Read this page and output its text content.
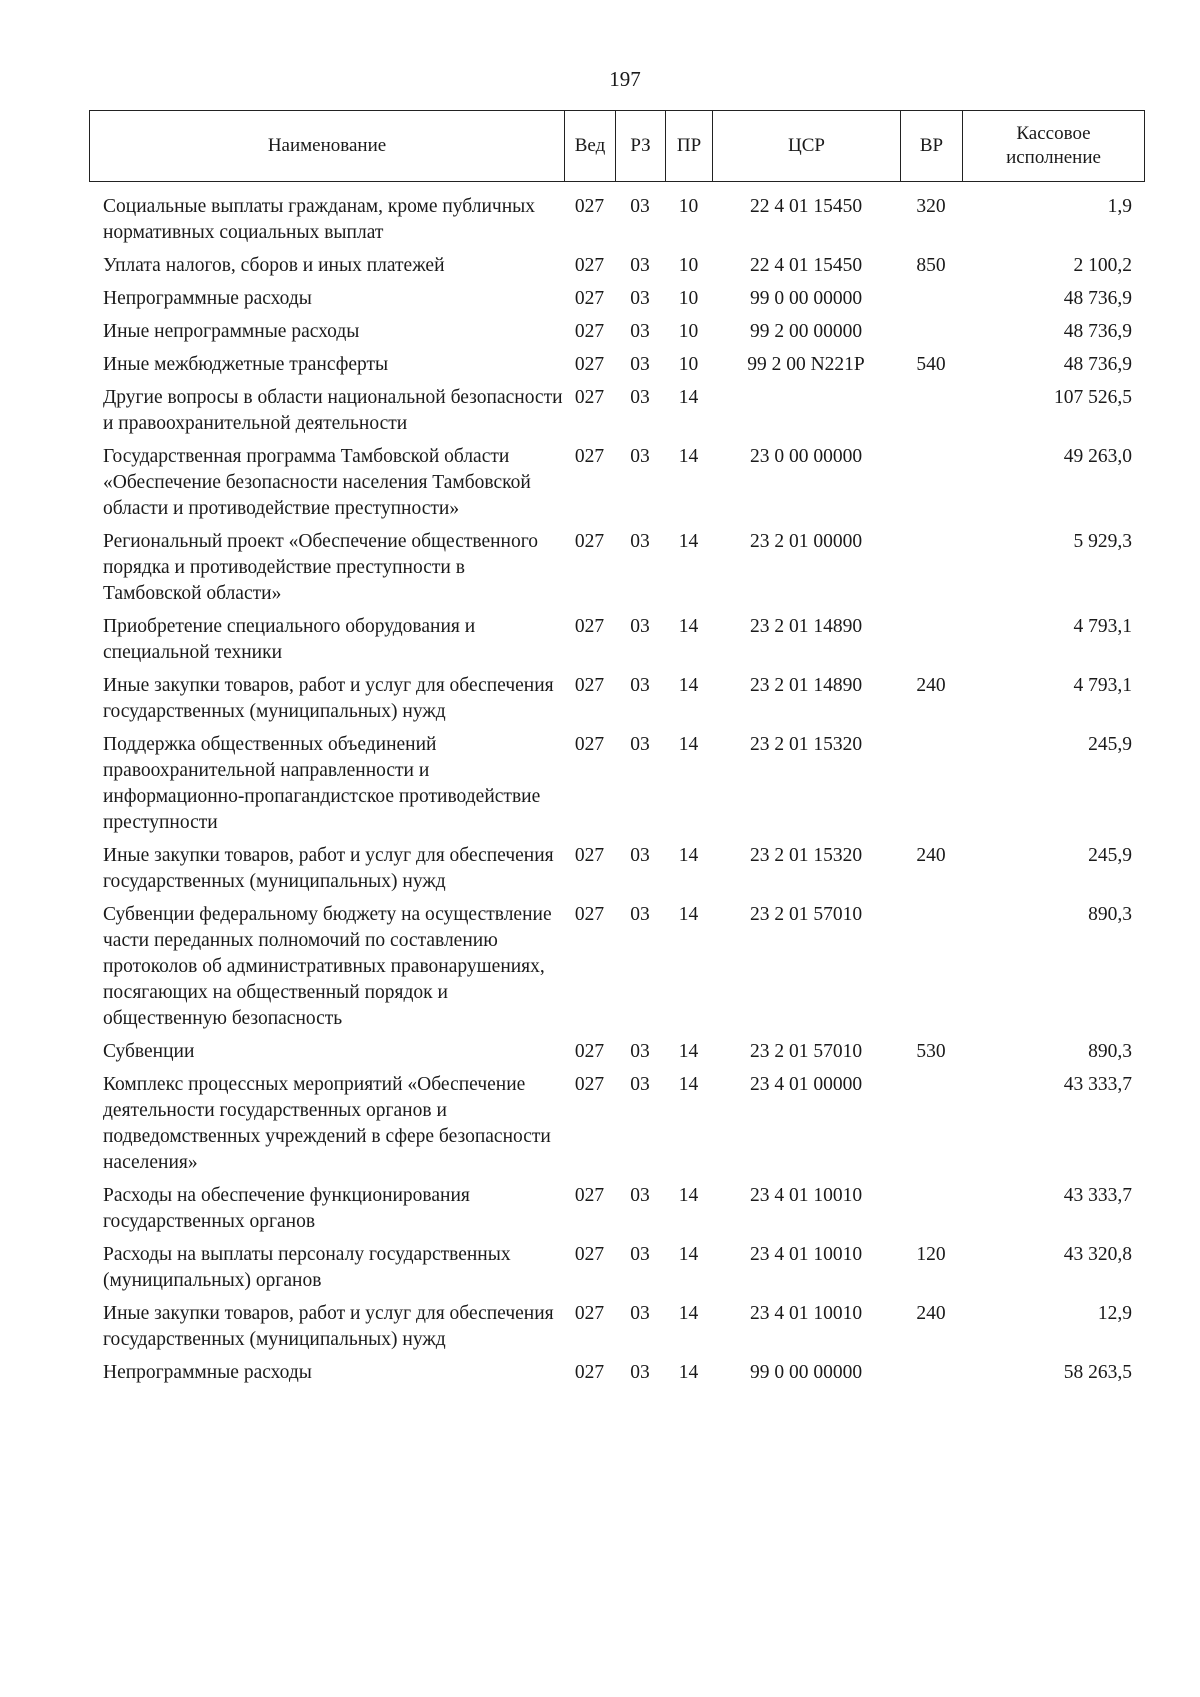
197
Наименование	Вед	РЗ	ПР	ЦСР	ВР	Кассовое исполнение
Социальные выплаты гражданам, кроме публичных нормативных социальных выплат	027	03	10	22 4 01 15450	320	1,9
Уплата налогов, сборов и иных платежей	027	03	10	22 4 01 15450	850	2 100,2
Непрограммные расходы	027	03	10	99 0 00 00000		48 736,9
Иные непрограммные расходы	027	03	10	99 2 00 00000		48 736,9
Иные межбюджетные трансферты	027	03	10	99 2 00 N221P	540	48 736,9
Другие вопросы в области национальной безопасности и правоохранительной деятельности	027	03	14			107 526,5
Государственная программа Тамбовской области «Обеспечение безопасности населения Тамбовской области и противодействие преступности»	027	03	14	23 0 00 00000		49 263,0
Региональный проект «Обеспечение общественного порядка и противодействие преступности в Тамбовской области»	027	03	14	23 2 01 00000		5 929,3
Приобретение специального оборудования и специальной техники	027	03	14	23 2 01 14890		4 793,1
Иные закупки товаров, работ и услуг для обеспечения государственных (муниципальных) нужд	027	03	14	23 2 01 14890	240	4 793,1
Поддержка общественных объединений правоохранительной направленности и информационно-пропагандистское противодействие преступности	027	03	14	23 2 01 15320		245,9
Иные закупки товаров, работ и услуг для обеспечения государственных (муниципальных) нужд	027	03	14	23 2 01 15320	240	245,9
Субвенции федеральному бюджету на осуществление части переданных полномочий по составлению протоколов об административных правонарушениях, посягающих на общественный порядок и общественную безопасность	027	03	14	23 2 01 57010		890,3
Субвенции	027	03	14	23 2 01 57010	530	890,3
Комплекс процессных мероприятий «Обеспечение деятельности государственных органов и подведомственных учреждений в сфере безопасности населения»	027	03	14	23 4 01 00000		43 333,7
Расходы на обеспечение функционирования государственных органов	027	03	14	23 4 01 10010		43 333,7
Расходы на выплаты персоналу государственных (муниципальных) органов	027	03	14	23 4 01 10010	120	43 320,8
Иные закупки товаров, работ и услуг для обеспечения государственных (муниципальных) нужд	027	03	14	23 4 01 10010	240	12,9
Непрограммные расходы	027	03	14	99 0 00 00000		58 263,5
